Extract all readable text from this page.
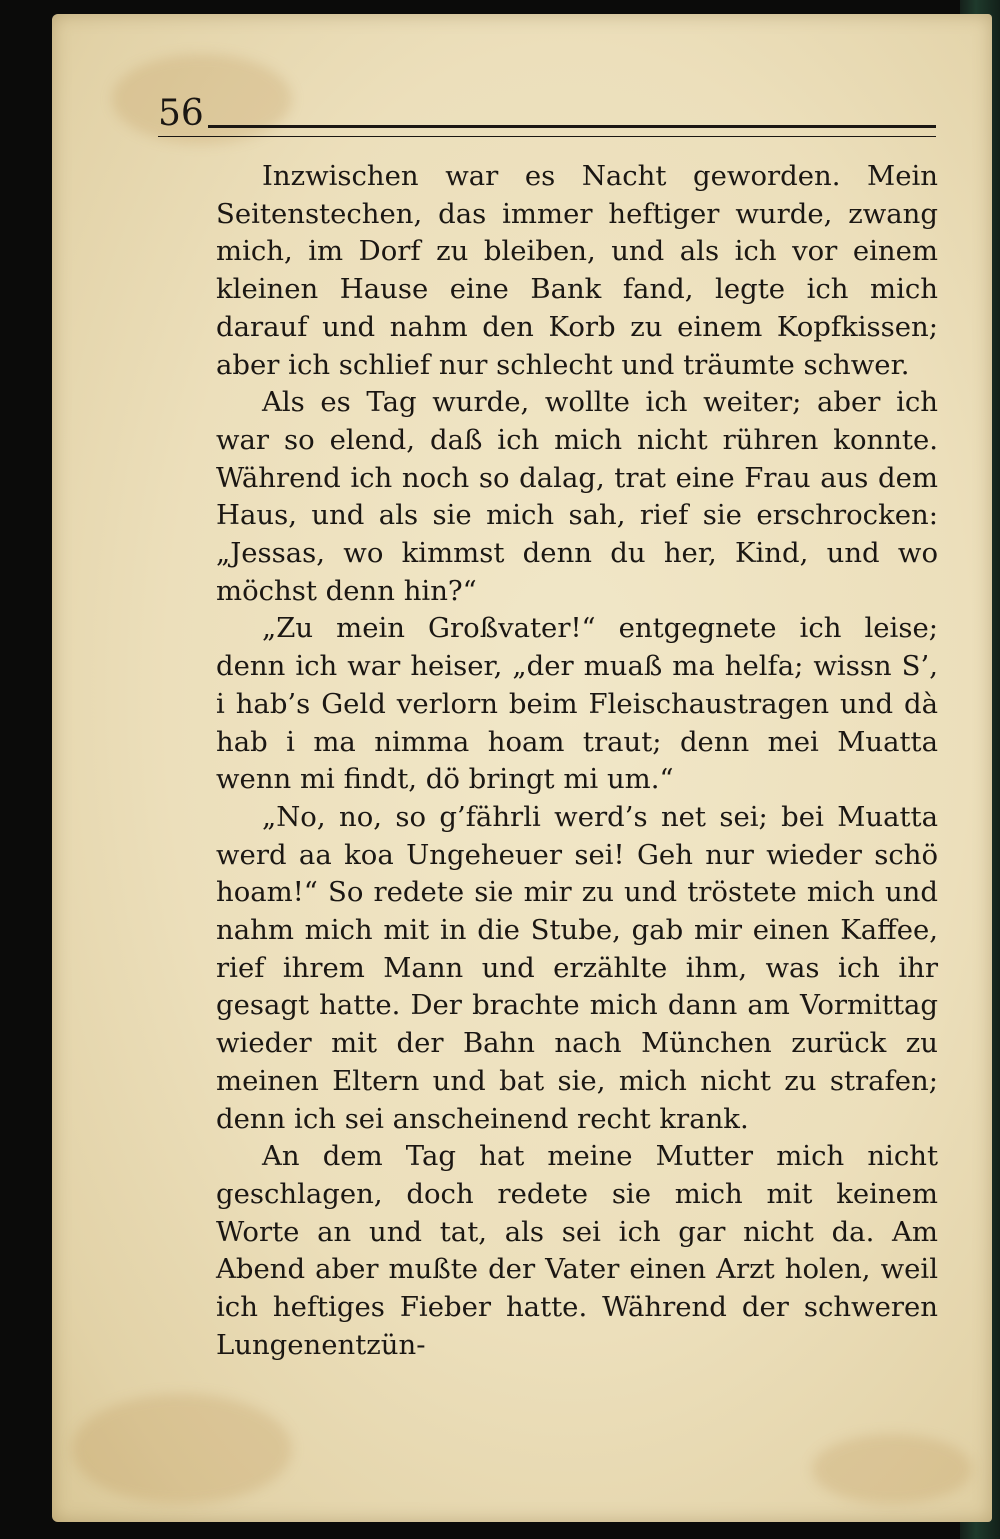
56

Inzwischen war es Nacht geworden. Mein Seitenstechen, das immer heftiger wurde, zwang mich, im Dorf zu bleiben, und als ich vor einem kleinen Hause eine Bank fand, legte ich mich darauf und nahm den Korb zu einem Kopfkissen; aber ich schlief nur schlecht und träumte schwer.

Als es Tag wurde, wollte ich weiter; aber ich war so elend, daß ich mich nicht rühren konnte. Während ich noch so dalag, trat eine Frau aus dem Haus, und als sie mich sah, rief sie erschrocken: „Jessas, wo kimmst denn du her, Kind, und wo möchst denn hin?“

„Zu mein Großvater!“ entgegnete ich leise; denn ich war heiser, „der muaß ma helfa; wissn S’, i hab’s Geld verlorn beim Fleischaustragen und dà hab i ma nimma hoam traut; denn mei Muatta wenn mi findt, dö bringt mi um.“

„No, no, so g’fährli werd’s net sei; bei Muatta werd aa koa Ungeheuer sei! Geh nur wieder schö hoam!“ So redete sie mir zu und tröstete mich und nahm mich mit in die Stube, gab mir einen Kaffee, rief ihrem Mann und erzählte ihm, was ich ihr gesagt hatte. Der brachte mich dann am Vormittag wieder mit der Bahn nach München zurück zu meinen Eltern und bat sie, mich nicht zu strafen; denn ich sei anscheinend recht krank.

An dem Tag hat meine Mutter mich nicht geschlagen, doch redete sie mich mit keinem Worte an und tat, als sei ich gar nicht da. Am Abend aber mußte der Vater einen Arzt holen, weil ich heftiges Fieber hatte. Während der schweren Lungenentzün-
